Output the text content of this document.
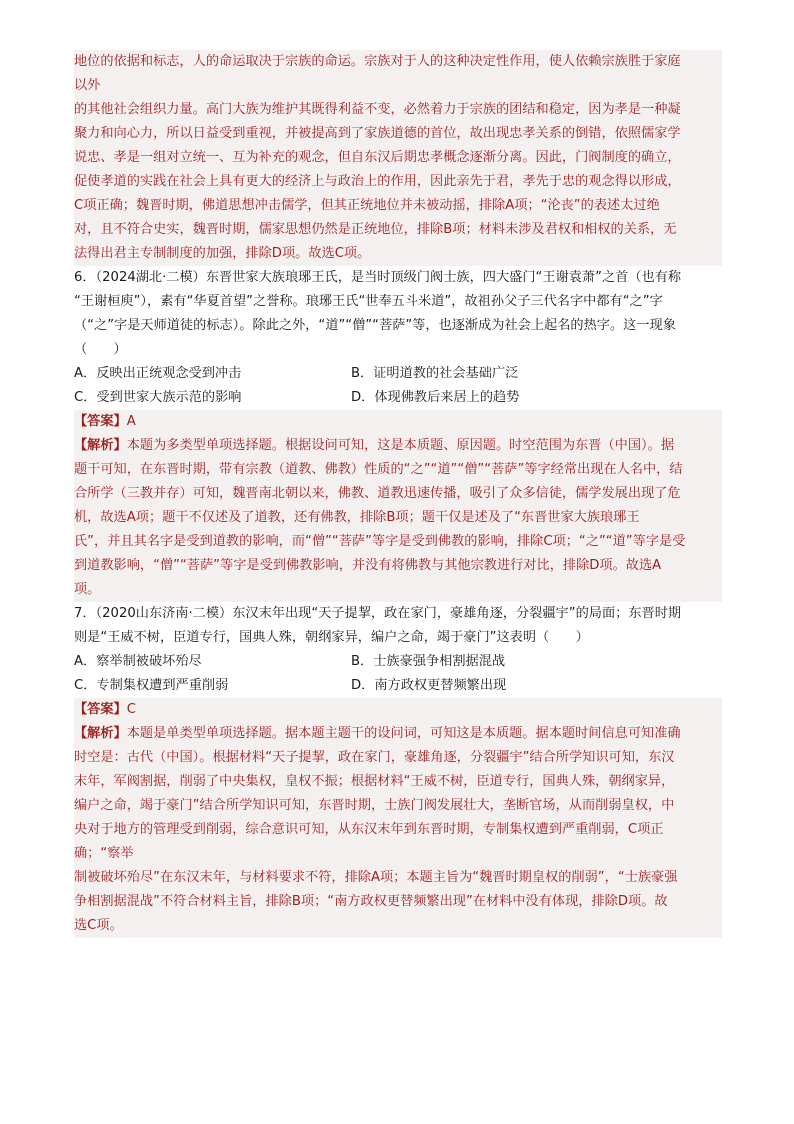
地位的依据和标志，人的命运取决于宗族的命运。宗族对于人的这种决定性作用，使人依赖宗族胜于家庭

以外

的其他社会组织力量。高门大族为维护其既得利益不变，必然着力于宗族的团结和稳定，因为孝是一种凝

聚力和向心力，所以日益受到重视，并被提高到了家族道德的首位，故出现忠孝关系的倒错，依照儒家学

说忠、孝是一组对立统一、互为补充的观念，但自东汉后期忠孝概念逐渐分离。因此，门阀制度的确立，

促使孝道的实践在社会上具有更大的经济上与政治上的作用，因此亲先于君，孝先于忠的观念得以形成，

C项正确；魏晋时期，佛道思想冲击儒学，但其正统地位并未被动摇，排除A项；“沦丧”的表述太过绝

对，且不符合史实，魏晋时期，儒家思想仍然是正统地位，排除B项；材料未涉及君权和相权的关系，无

法得出君主专制制度的加强，排除D项。故选C项。

6．（2024湖北·二模）东晋世家大族琅琊王氏，是当时顶级门阀士族，四大盛门“王谢袁萧”之首（也有称

“王谢桓庾”），素有“华夏首望”之誉称。琅琊王氏“世奉五斗米道”，故祖孙父子三代名字中都有“之”字

（“之”字是天师道徒的标志）。除此之外，“道”“僧”“菩萨”等，也逐渐成为社会上起名的热字。这一现象

（　　）

A．反映出正统观念受到冲击	B．证明道教的社会基础广泛
C．受到世家大族示范的影响	D．体现佛教后来居上的趋势

【答案】A

【解析】本题为多类型单项选择题。根据设问可知，这是本质题、原因题。时空范围为东晋（中国）。据

题干可知，在东晋时期，带有宗教（道教、佛教）性质的“之”“道”“僧”“菩萨”等字经常出现在人名中，结

合所学（三教并存）可知，魏晋南北朝以来，佛教、道教迅速传播，吸引了众多信徒，儒学发展出现了危

机，故选A项；题干不仅述及了道教，还有佛教，排除B项；题干仅是述及了“东晋世家大族琅琊王

氏”，并且其名字是受到道教的影响，而“僧”“菩萨”等字是受到佛教的影响，排除C项；“之”“道”等字是受

到道教影响，“僧”“菩萨”等字是受到佛教影响，并没有将佛教与其他宗教进行对比，排除D项。故选A

项。

7．（2020山东济南·二模）东汉末年出现“天子提挈，政在家门，豪雄角逐，分裂疆宇”的局面；东晋时期

则是“王威不树，臣道专行，国典人殊，朝纲家异，编户之命，竭于豪门”这表明（　　）

A．察举制被破坏殆尽	B．士族豪强争相割据混战
C．专制集权遭到严重削弱	D．南方政权更替频繁出现

【答案】C

【解析】本题是单类型单项选择题。据本题主题干的设问词，可知这是本质题。据本题时间信息可知准确

时空是：古代（中国）。根据材料“天子提挈，政在家门，豪雄角逐，分裂疆宇”结合所学知识可知，东汉

末年，军阀割据，削弱了中央集权，皇权不振；根据材料“王威不树，臣道专行，国典人殊，朝纲家异，

编户之命，竭于豪门”结合所学知识可知，东晋时期，士族门阀发展壮大，垄断官场，从而削弱皇权，中

央对于地方的管理受到削弱，综合意识可知，从东汉末年到东晋时期，专制集权遭到严重削弱，C项正

确；“察举

制被破坏殆尽”在东汉末年，与材料要求不符，排除A项；本题主旨为“魏晋时期皇权的削弱”，“士族豪强

争相割据混战”不符合材料主旨，排除B项；“南方政权更替频繁出现”在材料中没有体现，排除D项。故

选C项。
